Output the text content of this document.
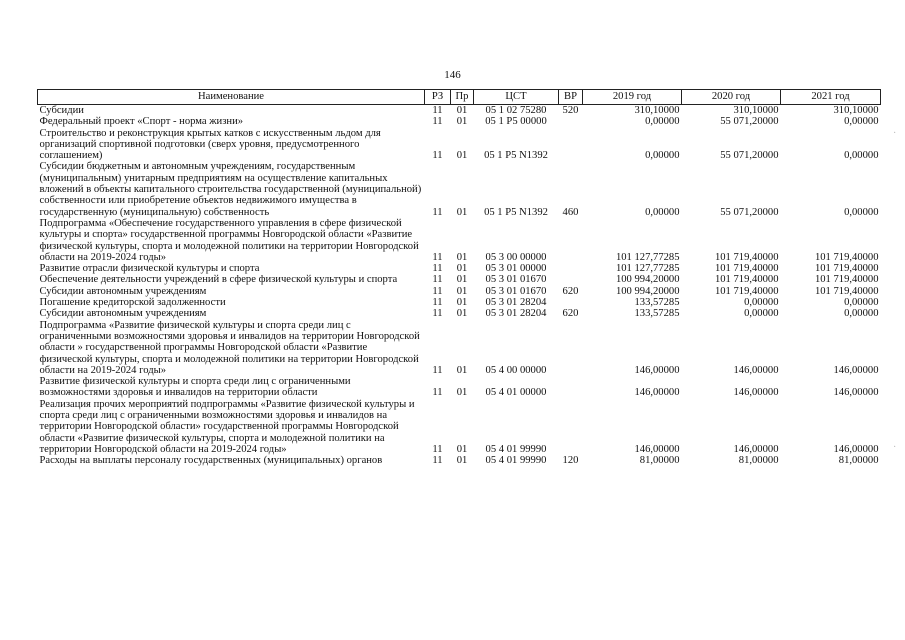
146
Наименование	РЗ	Пр	ЦСТ	ВР	2019 год	2020 год	2021 год
Субсидии	11	01	05 1 02 75280	520	310,10000	310,10000	310,10000
Федеральный проект «Спорт - норма жизни»	11	01	05 1 P5 00000		0,00000	55 071,20000	0,00000
Строительство и реконструкция крытых катков с искусственным льдом для организаций спортивной подготовки (сверх уровня, предусмотренного соглашением)	11	01	05 1 P5 N1392		0,00000	55 071,20000	0,00000
Субсидии бюджетным и автономным учреждениям, государственным (муниципальным) унитарным предприятиям на осуществление капитальных вложений в объекты капитального строительства государственной (муниципальной) собственности или приобретение объектов недвижимого имущества в государственную (муниципальную) собственность	11	01	05 1 P5 N1392	460	0,00000	55 071,20000	0,00000
Подпрограмма «Обеспечение государственного управления в сфере физической культуры и спорта» государственной программы Новгородской области «Развитие физической культуры, спорта и молодежной политики на территории Новгородской области на 2019-2024 годы»	11	01	05 3 00 00000		101 127,77285	101 719,40000	101 719,40000
Развитие отрасли физической культуры и спорта	11	01	05 3 01 00000		101 127,77285	101 719,40000	101 719,40000
Обеспечение деятельности учреждений в сфере физической культуры и спорта	11	01	05 3 01 01670		100 994,20000	101 719,40000	101 719,40000
Субсидии автономным учреждениям	11	01	05 3 01 01670	620	100 994,20000	101 719,40000	101 719,40000
Погашение кредиторской задолженности	11	01	05 3 01 28204		133,57285	0,00000	0,00000
Субсидии автономным учреждениям	11	01	05 3 01 28204	620	133,57285	0,00000	0,00000
Подпрограмма «Развитие физической культуры и спорта среди лиц с ограниченными возможностями здоровья и инвалидов на территории Новгородской области » государственной программы Новгородской области «Развитие физической культуры, спорта и молодежной политики на территории Новгородской области на 2019-2024 годы»	11	01	05 4 00 00000		146,00000	146,00000	146,00000
Развитие физической культуры и спорта среди лиц с ограниченными возможностями здоровья и инвалидов на территории области	11	01	05 4 01 00000		146,00000	146,00000	146,00000
Реализация прочих мероприятий подпрограммы «Развитие физической культуры и спорта среди лиц с ограниченными возможностями здоровья и инвалидов на территории Новгородской области» государственной программы Новгородской области «Развитие физической культуры, спорта и молодежной политики на территории Новгородской области на 2019-2024 годы»	11	01	05 4 01 99990		146,00000	146,00000	146,00000
Расходы на выплаты персоналу государственных (муниципальных) органов	11	01	05 4 01 99990	120	81,00000	81,00000	81,00000
·
·
